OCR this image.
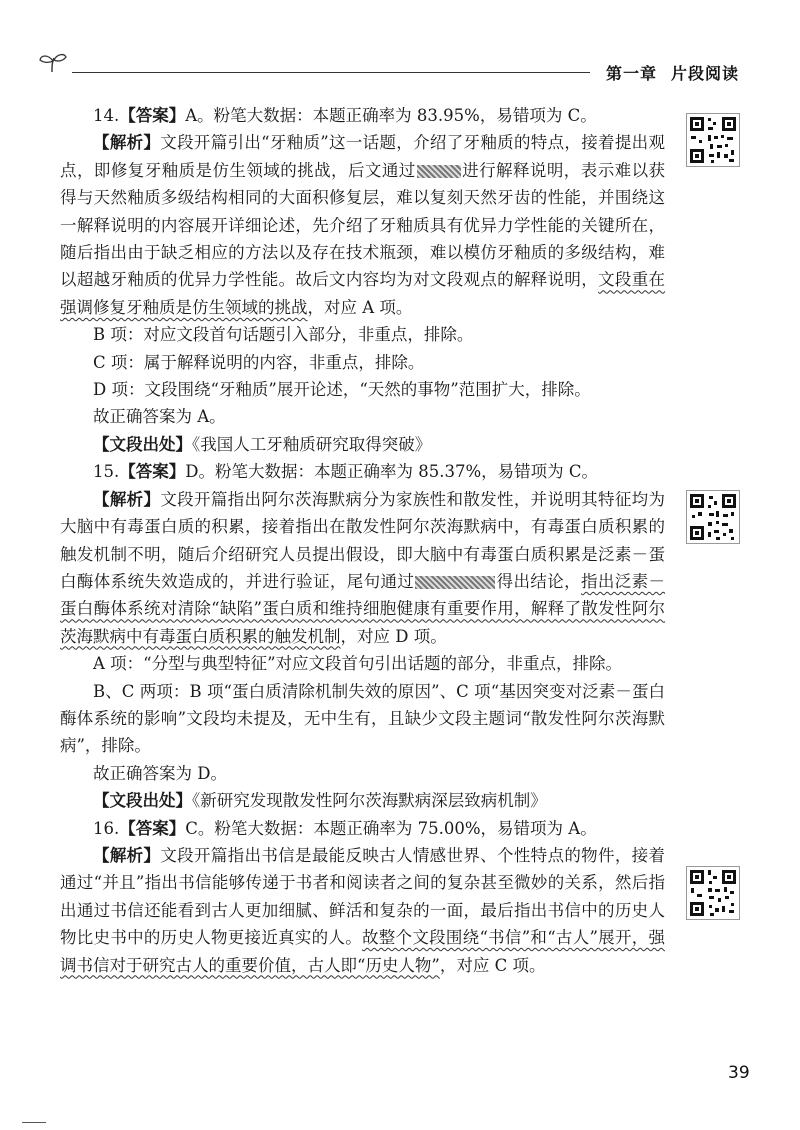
第一章 片段阅读

14.【答案】A。粉笔大数据：本题正确率为 83.95%，易错项为 C。

【解析】文段开篇引出“牙釉质”这一话题，介绍了牙釉质的特点，接着提出观点，即修复牙釉质是仿生领域的挑战，后文通过	进行解释说明，表示难以获得与天然釉质多级结构相同的大面积修复层，难以复刻天然牙齿的性能，并围绕这一解释说明的内容展开详细论述，先介绍了牙釉质具有优异力学性能的关键所在，随后指出由于缺乏相应的方法以及存在技术瓶颈，难以模仿牙釉质的多级结构，难以超越牙釉质的优异力学性能。故后文内容均为对文段观点的解释说明，文段重在强调修复牙釉质是仿生领域的挑战，对应 A 项。

B 项：对应文段首句话题引入部分，非重点，排除。

C 项：属于解释说明的内容，非重点，排除。

D 项：文段围绕“牙釉质”展开论述，“天然的事物”范围扩大，排除。

故正确答案为 A。

【文段出处】《我国人工牙釉质研究取得突破》

15.【答案】D。粉笔大数据：本题正确率为 85.37%，易错项为 C。

【解析】文段开篇指出阿尔茨海默病分为家族性和散发性，并说明其特征均为大脑中有毒蛋白质的积累，接着指出在散发性阿尔茨海默病中，有毒蛋白质积累的触发机制不明，随后介绍研究人员提出假设，即大脑中有毒蛋白质积累是泛素－蛋白酶体系统失效造成的，并进行验证，尾句通过	得出结论，指出泛素－蛋白酶体系统对清除“缺陷”蛋白质和维持细胞健康有重要作用，解释了散发性阿尔茨海默病中有毒蛋白质积累的触发机制，对应 D 项。

A 项：“分型与典型特征”对应文段首句引出话题的部分，非重点，排除。

B、C 两项：B 项“蛋白质清除机制失效的原因”、C 项“基因突变对泛素－蛋白酶体系统的影响”文段均未提及，无中生有，且缺少文段主题词“散发性阿尔茨海默病”，排除。

故正确答案为 D。

【文段出处】《新研究发现散发性阿尔茨海默病深层致病机制》

16.【答案】C。粉笔大数据：本题正确率为 75.00%，易错项为 A。

【解析】文段开篇指出书信是最能反映古人情感世界、个性特点的物件，接着通过“并且”指出书信能够传递于书者和阅读者之间的复杂甚至微妙的关系，然后指出通过书信还能看到古人更加细腻、鲜活和复杂的一面，最后指出书信中的历史人物比史书中的历史人物更接近真实的人。故整个文段围绕“书信”和“古人”展开，强调书信对于研究古人的重要价值，古人即“历史人物”，对应 C 项。

39
